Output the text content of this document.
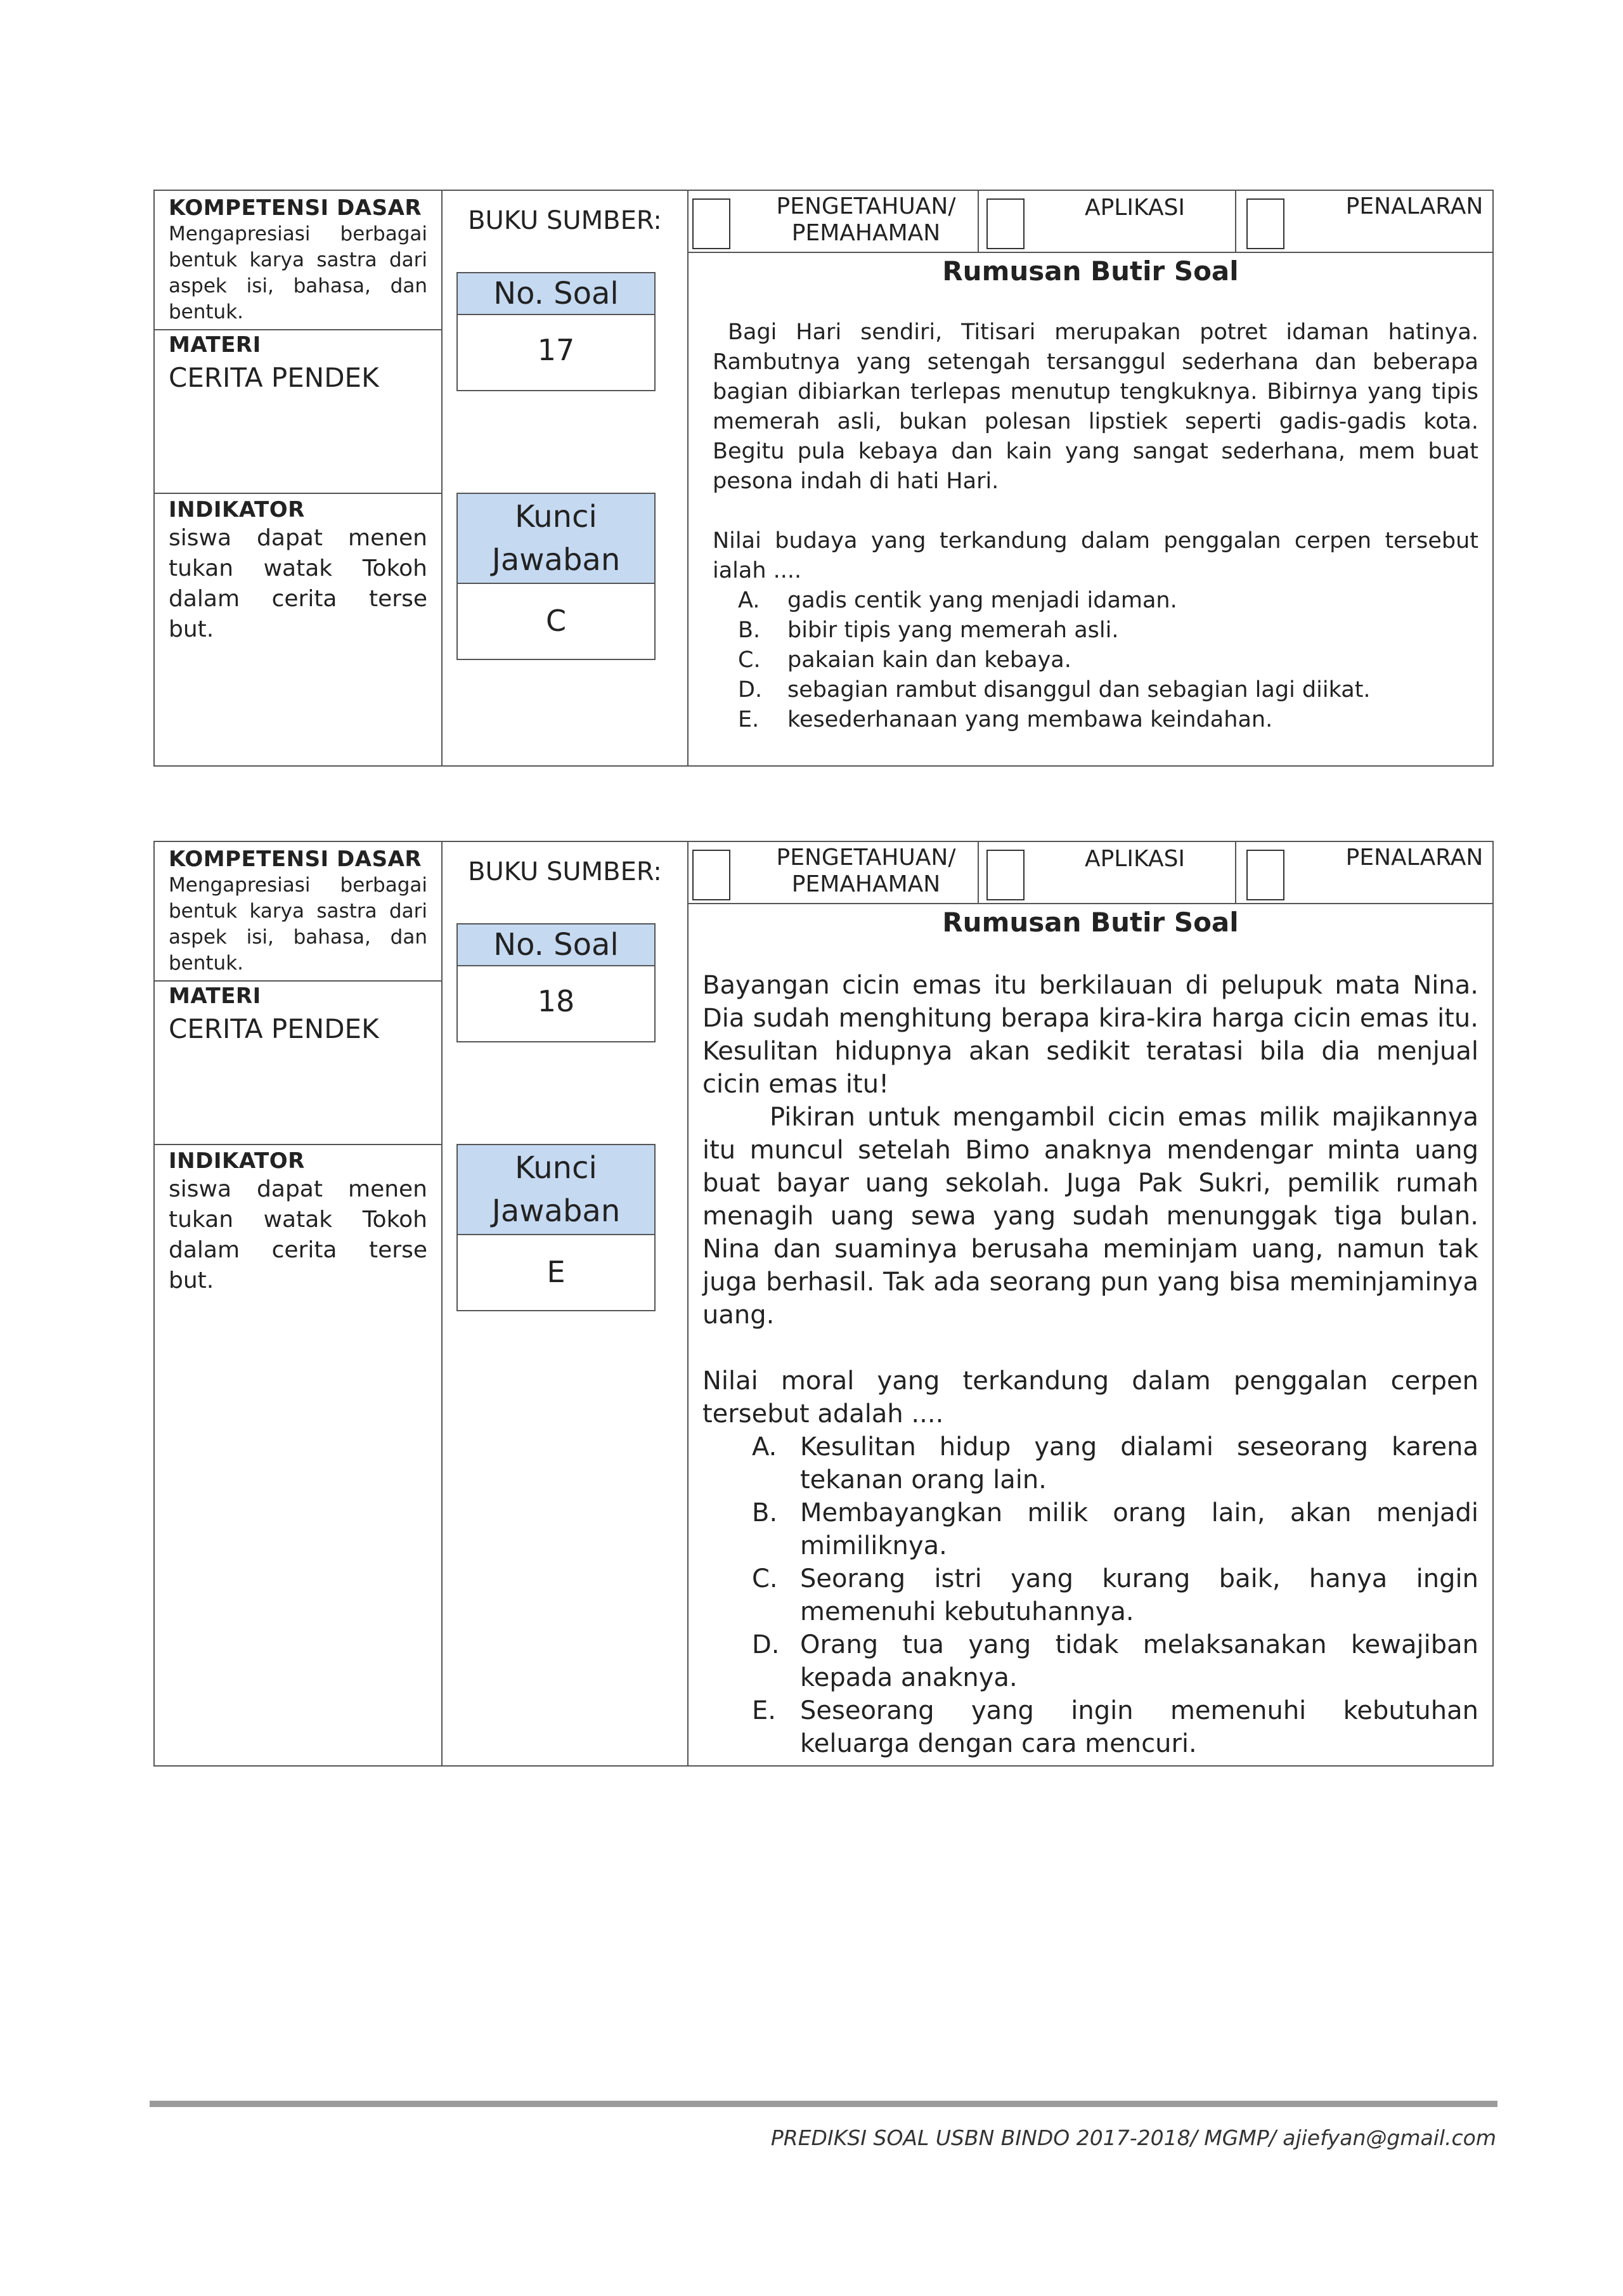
KOMPETENSI DASAR
Mengapresiasi berbagai bentuk karya sastra dari aspek isi, bahasa, dan bentuk.
MATERI
CERITA PENDEK
INDIKATOR
siswa dapat menen tukan watak Tokoh dalam cerita terse but.
BUKU SUMBER:
No. Soal
17
Kunci
Jawaban
C
PENGETAHUAN/
PEMAHAMAN
APLIKASI	PENALARAN
Rumusan Butir Soal

Bagi Hari sendiri, Titisari merupakan potret idaman hatinya. Rambutnya yang setengah tersanggul sederhana dan beberapa bagian dibiarkan terlepas menutup tengkuknya. Bibirnya yang tipis memerah asli, bukan polesan lipstiek seperti gadis-gadis kota. Begitu pula kebaya dan kain yang sangat sederhana, mem buat pesona indah di hati Hari.

Nilai budaya yang terkandung dalam penggalan cerpen tersebut ialah ....

A. gadis centik yang menjadi idaman.
B. bibir tipis yang memerah asli.
C. pakaian kain dan kebaya.
D. sebagian rambut disanggul dan sebagian lagi diikat.
E. kesederhanaan yang membawa keindahan.
KOMPETENSI DASAR
Mengapresiasi berbagai bentuk karya sastra dari aspek isi, bahasa, dan bentuk.
MATERI
CERITA PENDEK
INDIKATOR
siswa dapat menen tukan watak Tokoh dalam cerita terse but.
BUKU SUMBER:
No. Soal
18
Kunci
Jawaban
E
PENGETAHUAN/
PEMAHAMAN
APLIKASI	PENALARAN
Rumusan Butir Soal

Bayangan cicin emas itu berkilauan di pelupuk mata Nina. Dia sudah menghitung berapa kira-kira harga cicin emas itu. Kesulitan hidupnya akan sedikit teratasi bila dia menjual cicin emas itu!

Pikiran untuk mengambil cicin emas milik majikannya itu muncul setelah Bimo anaknya mendengar minta uang buat bayar uang sekolah. Juga Pak Sukri, pemilik rumah menagih uang sewa yang sudah menunggak tiga bulan. Nina dan suaminya berusaha meminjam uang, namun tak juga berhasil. Tak ada seorang pun yang bisa meminjaminya uang.

Nilai moral yang terkandung dalam penggalan cerpen tersebut adalah ....

A. Kesulitan hidup yang dialami seseorang karena tekanan orang lain.
B. Membayangkan milik orang lain, akan menjadi mimiliknya.
C. Seorang istri yang kurang baik, hanya ingin memenuhi kebutuhannya.
D. Orang tua yang tidak melaksanakan kewajiban kepada anaknya.
E. Seseorang yang ingin memenuhi kebutuhan keluarga dengan cara mencuri.
PREDIKSI SOAL USBN BINDO 2017-2018/ MGMP/ ajiefyan@gmail.com
